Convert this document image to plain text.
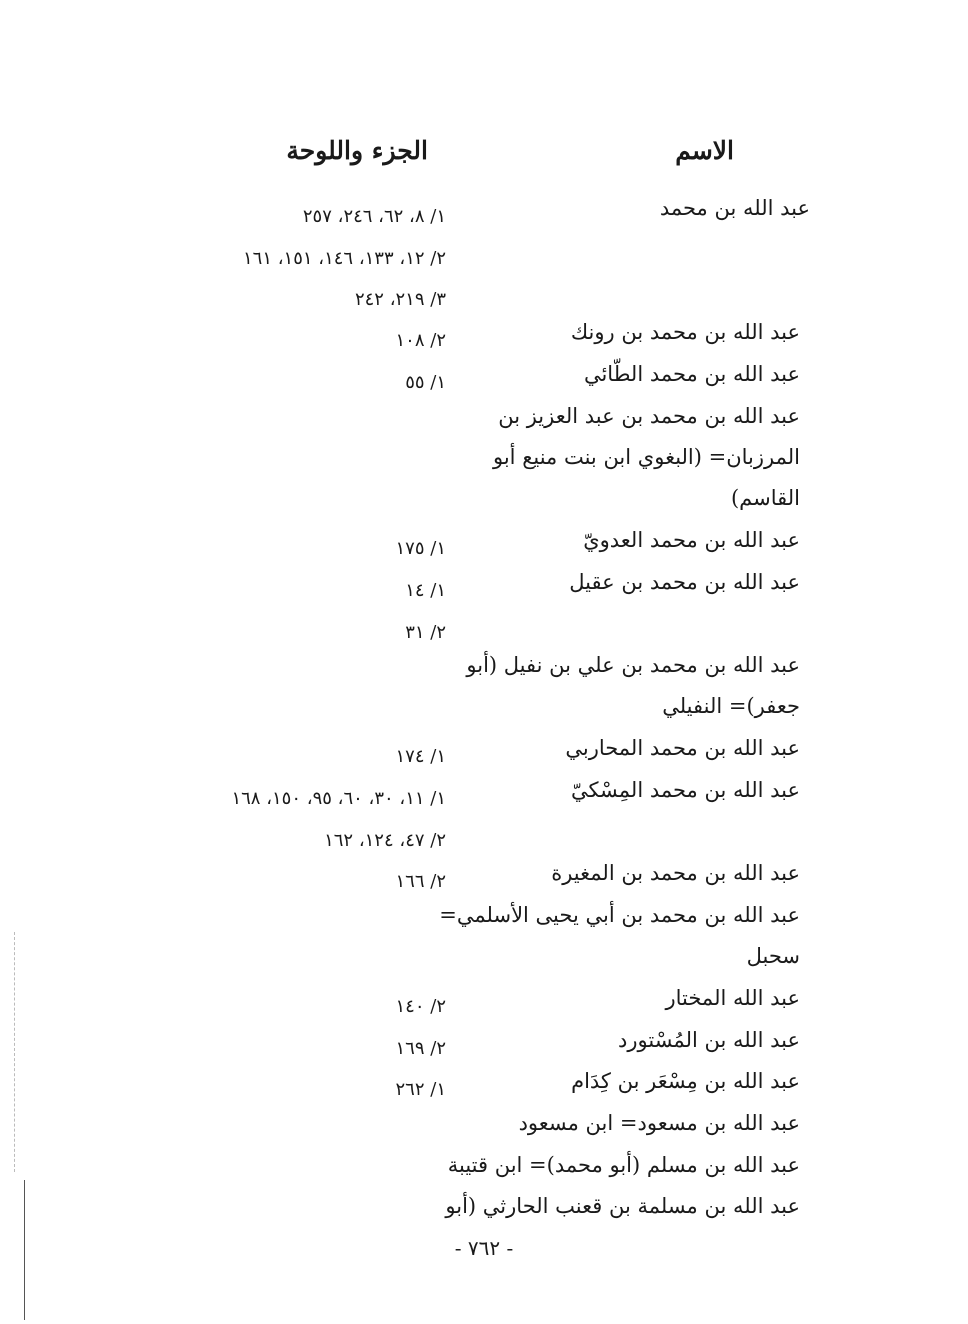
الاسم
الجزء واللوحة
عبد الله بن محمد
عبد الله بن محمد بن رونك
عبد الله بن محمد الطّائي
عبد الله بن محمد بن عبد العزيز بن
المرزبان= (البغوي ابن بنت منيع أبو
القاسم)
عبد الله بن محمد العدويّ
عبد الله بن محمد بن عقيل
عبد الله بن محمد بن علي بن نفيل (أبو
جعفر)= النفيلي
عبد الله بن محمد المحاربي
عبد الله بن محمد المِسْكيّ
عبد الله بن محمد بن المغيرة
عبد الله بن محمد بن أبي يحيى الأسلمي=
سحبل
عبد الله المختار
عبد الله بن المُسْتورد
عبد الله بن مِسْعَر بن كِدَام
عبد الله بن مسعود= ابن مسعود
عبد الله بن مسلم (أبو محمد)= ابن قتيبة
عبد الله بن مسلمة بن قعنب الحارثي (أبو
١/ ٨، ٦٢، ٢٤٦، ٢٥٧
٢/ ١٢، ١٣٣، ١٤٦، ١٥١، ١٦١
٣/ ٢١٩، ٢٤٢
٢/ ١٠٨
١/ ٥٥
١/ ١٧٥
١/ ١٤
٢/ ٣١
١/ ١٧٤
١/ ١١، ٣٠، ٦٠، ٩٥، ١٥٠، ١٦٨
٢/ ٤٧، ١٢٤، ١٦٢
٢/ ١٦٦
٢/ ١٤٠
٢/ ١٦٩
١/ ٢٦٢
- ٧٦٢ -
